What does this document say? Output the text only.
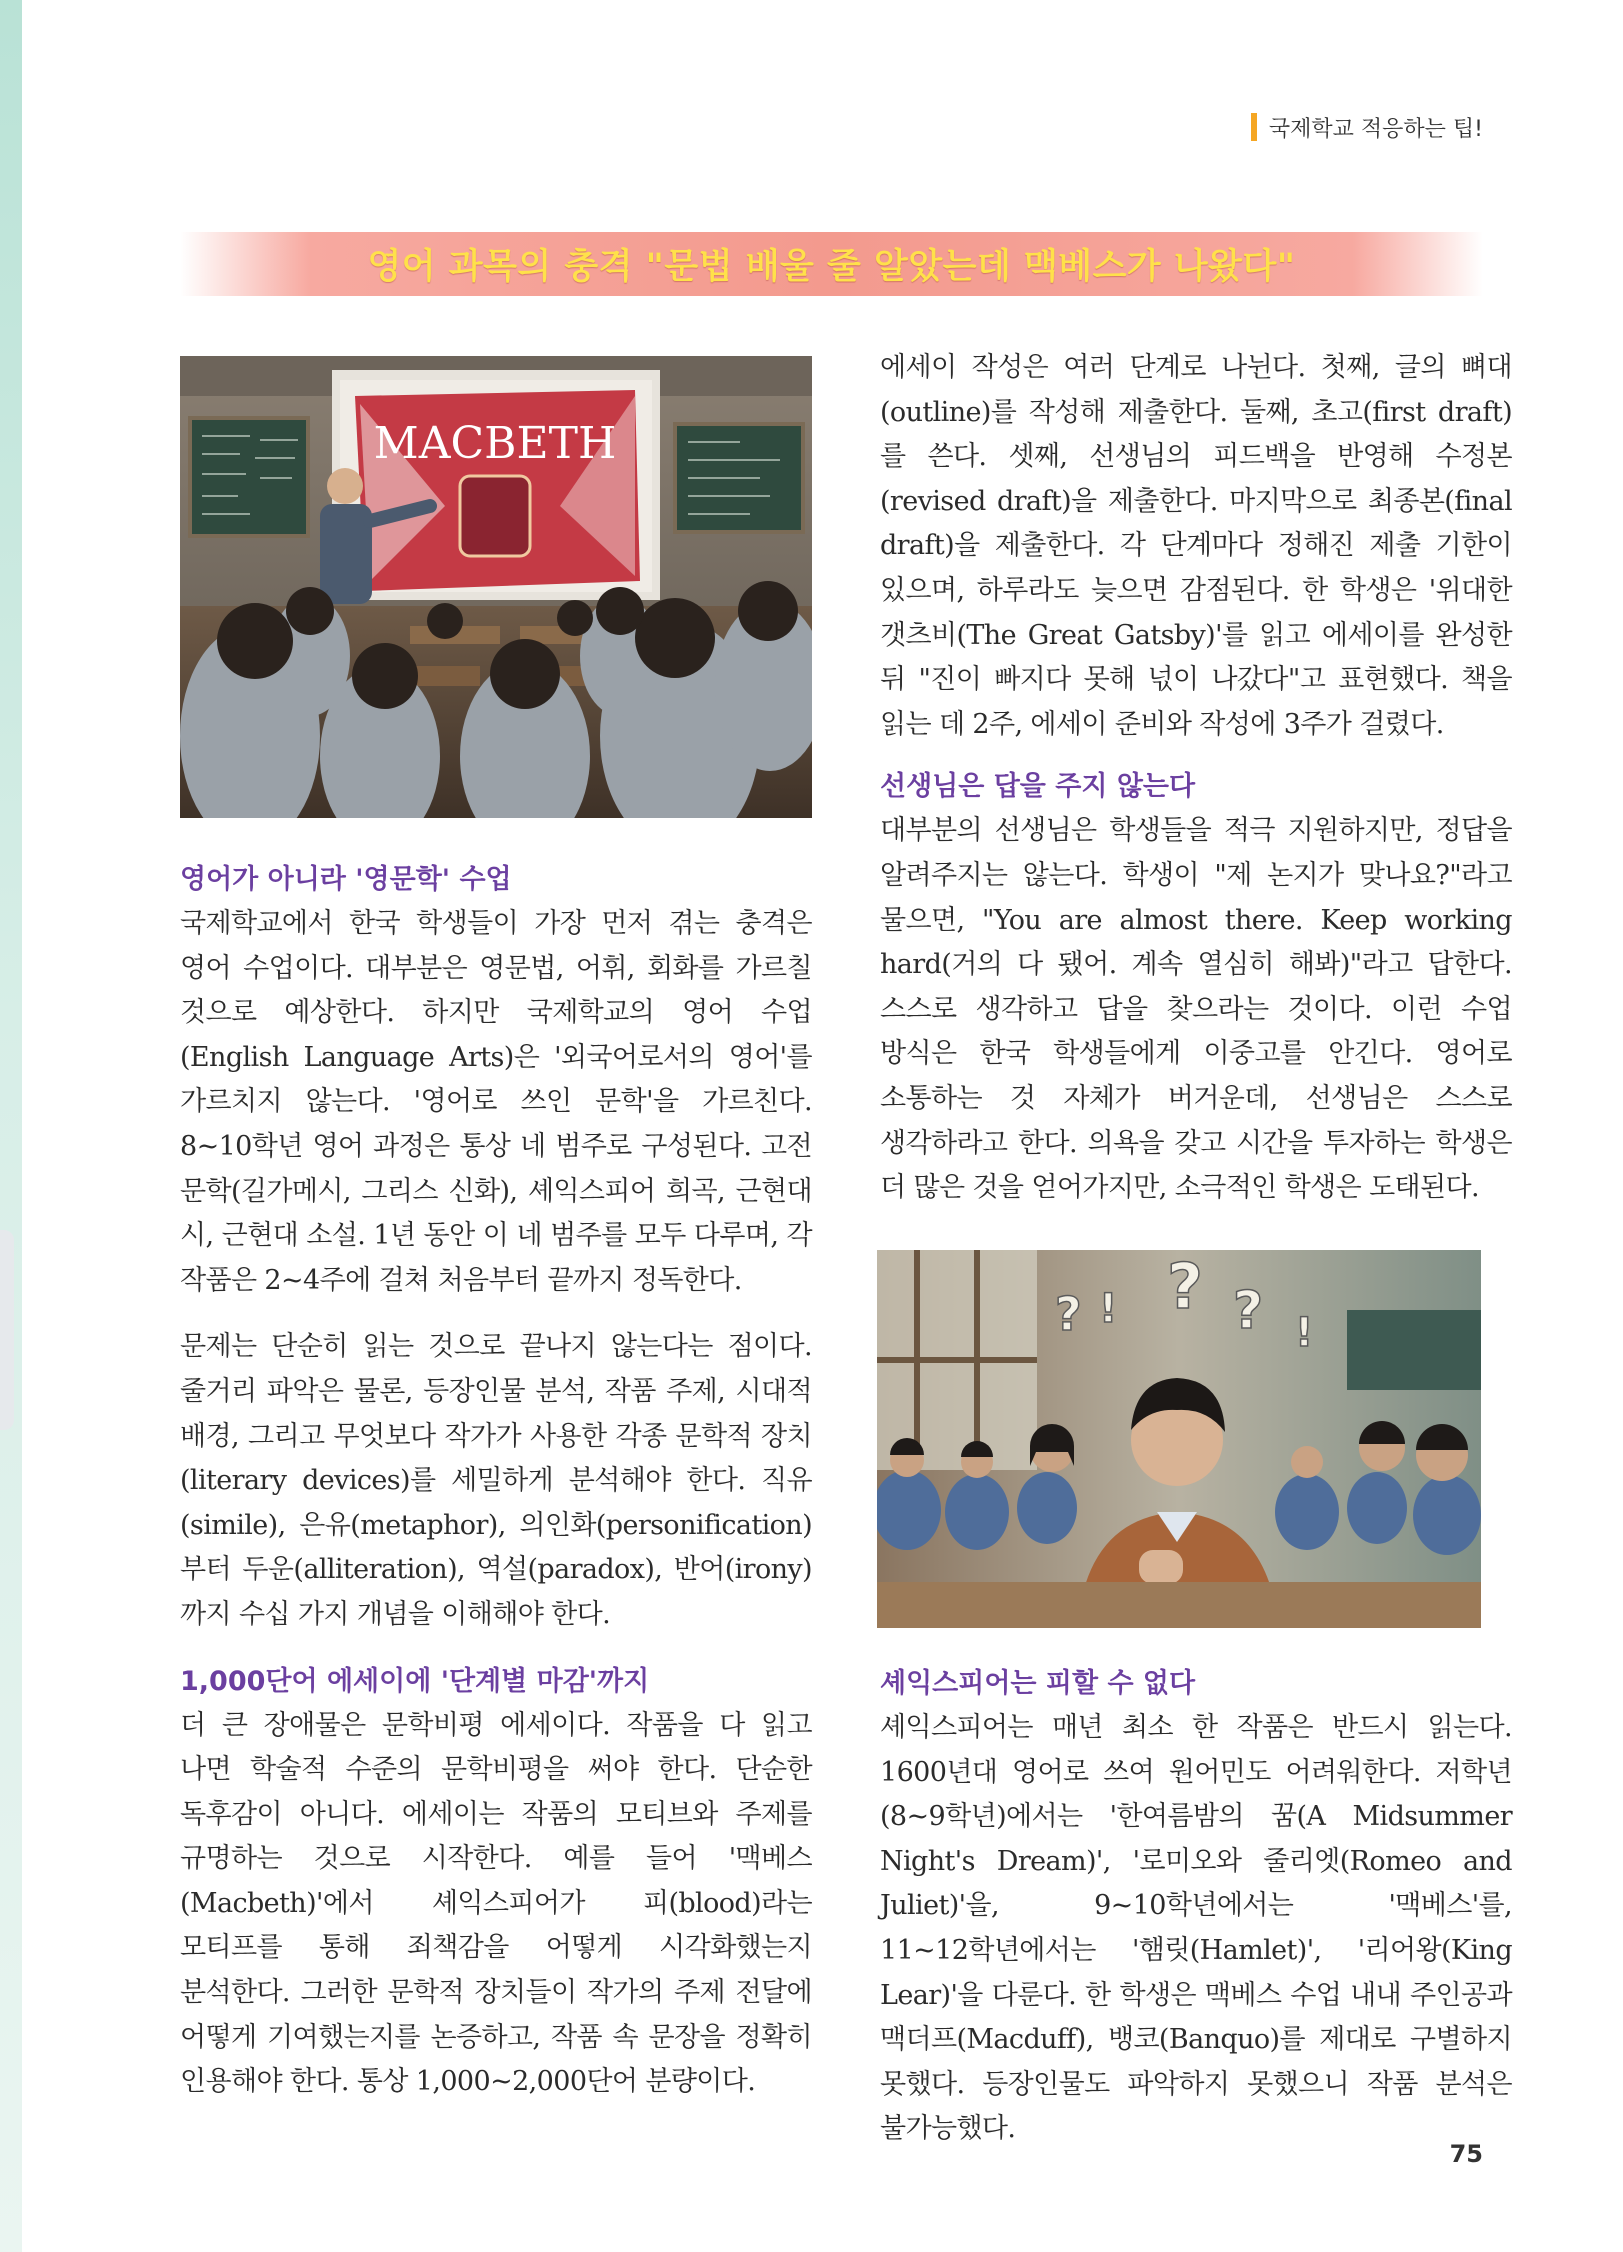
국제학교 적응하는 팁!
영어 과목의 충격 "문법 배울 줄 알았는데 맥베스가 나왔다"
MACBETH
영어가 아니라 '영문학' 수업

국제학교에서 한국 학생들이 가장 먼저 겪는 충격은 영어 수업이다. 대부분은 영문법, 어휘, 회화를 가르칠 것으로 예상한다. 하지만 국제학교의 영어 수업(English Language Arts)은 '외국어로서의 영어'를 가르치지 않는다. '영어로 쓰인 문학'을 가르친다. 8~10학년 영어 과정은 통상 네 범주로 구성된다. 고전 문학(길가메시, 그리스 신화), 셰익스피어 희곡, 근현대 시, 근현대 소설. 1년 동안 이 네 범주를 모두 다루며, 각 작품은 2~4주에 걸쳐 처음부터 끝까지 정독한다.

문제는 단순히 읽는 것으로 끝나지 않는다는 점이다. 줄거리 파악은 물론, 등장인물 분석, 작품 주제, 시대적 배경, 그리고 무엇보다 작가가 사용한 각종 문학적 장치(literary devices)를 세밀하게 분석해야 한다. 직유(simile), 은유(metaphor), 의인화(personification)부터 두운(alliteration), 역설(paradox), 반어(irony)까지 수십 가지 개념을 이해해야 한다.

1,000단어 에세이에 '단계별 마감'까지

더 큰 장애물은 문학비평 에세이다. 작품을 다 읽고 나면 학술적 수준의 문학비평을 써야 한다. 단순한 독후감이 아니다. 에세이는 작품의 모티브와 주제를 규명하는 것으로 시작한다. 예를 들어 '맥베스(Macbeth)'에서 셰익스피어가 피(blood)라는 모티프를 통해 죄책감을 어떻게 시각화했는지 분석한다. 그러한 문학적 장치들이 작가의 주제 전달에 어떻게 기여했는지를 논증하고, 작품 속 문장을 정확히 인용해야 한다. 통상 1,000~2,000단어 분량이다.

에세이 작성은 여러 단계로 나뉜다. 첫째, 글의 뼈대(outline)를 작성해 제출한다. 둘째, 초고(first draft)를 쓴다. 셋째, 선생님의 피드백을 반영해 수정본(revised draft)을 제출한다. 마지막으로 최종본(final draft)을 제출한다. 각 단계마다 정해진 제출 기한이 있으며, 하루라도 늦으면 감점된다. 한 학생은 '위대한 갯츠비(The Great Gatsby)'를 읽고 에세이를 완성한 뒤 "진이 빠지다 못해 넋이 나갔다"고 표현했다. 책을 읽는 데 2주, 에세이 준비와 작성에 3주가 걸렸다.

선생님은 답을 주지 않는다

대부분의 선생님은 학생들을 적극 지원하지만, 정답을 알려주지는 않는다. 학생이 "제 논지가 맞나요?"라고 물으면, "You are almost there. Keep working hard(거의 다 됐어. 계속 열심히 해봐)"라고 답한다. 스스로 생각하고 답을 찾으라는 것이다. 이런 수업 방식은 한국 학생들에게 이중고를 안긴다. 영어로 소통하는 것 자체가 버거운데, 선생님은 스스로 생각하라고 한다. 의욕을 갖고 시간을 투자하는 학생은 더 많은 것을 얻어가지만, 소극적인 학생은 도태된다.

? ! ? ? !
셰익스피어는 피할 수 없다

셰익스피어는 매년 최소 한 작품은 반드시 읽는다. 1600년대 영어로 쓰여 원어민도 어려워한다. 저학년(8~9학년)에서는 '한여름밤의 꿈(A Midsummer Night's Dream)', '로미오와 줄리엣(Romeo and Juliet)'을, 9~10학년에서는 '맥베스'를, 11~12학년에서는 '햄릿(Hamlet)', '리어왕(King Lear)'을 다룬다. 한 학생은 맥베스 수업 내내 주인공과 맥더프(Macduff), 뱅코(Banquo)를 제대로 구별하지 못했다. 등장인물도 파악하지 못했으니 작품 분석은 불가능했다.

75
